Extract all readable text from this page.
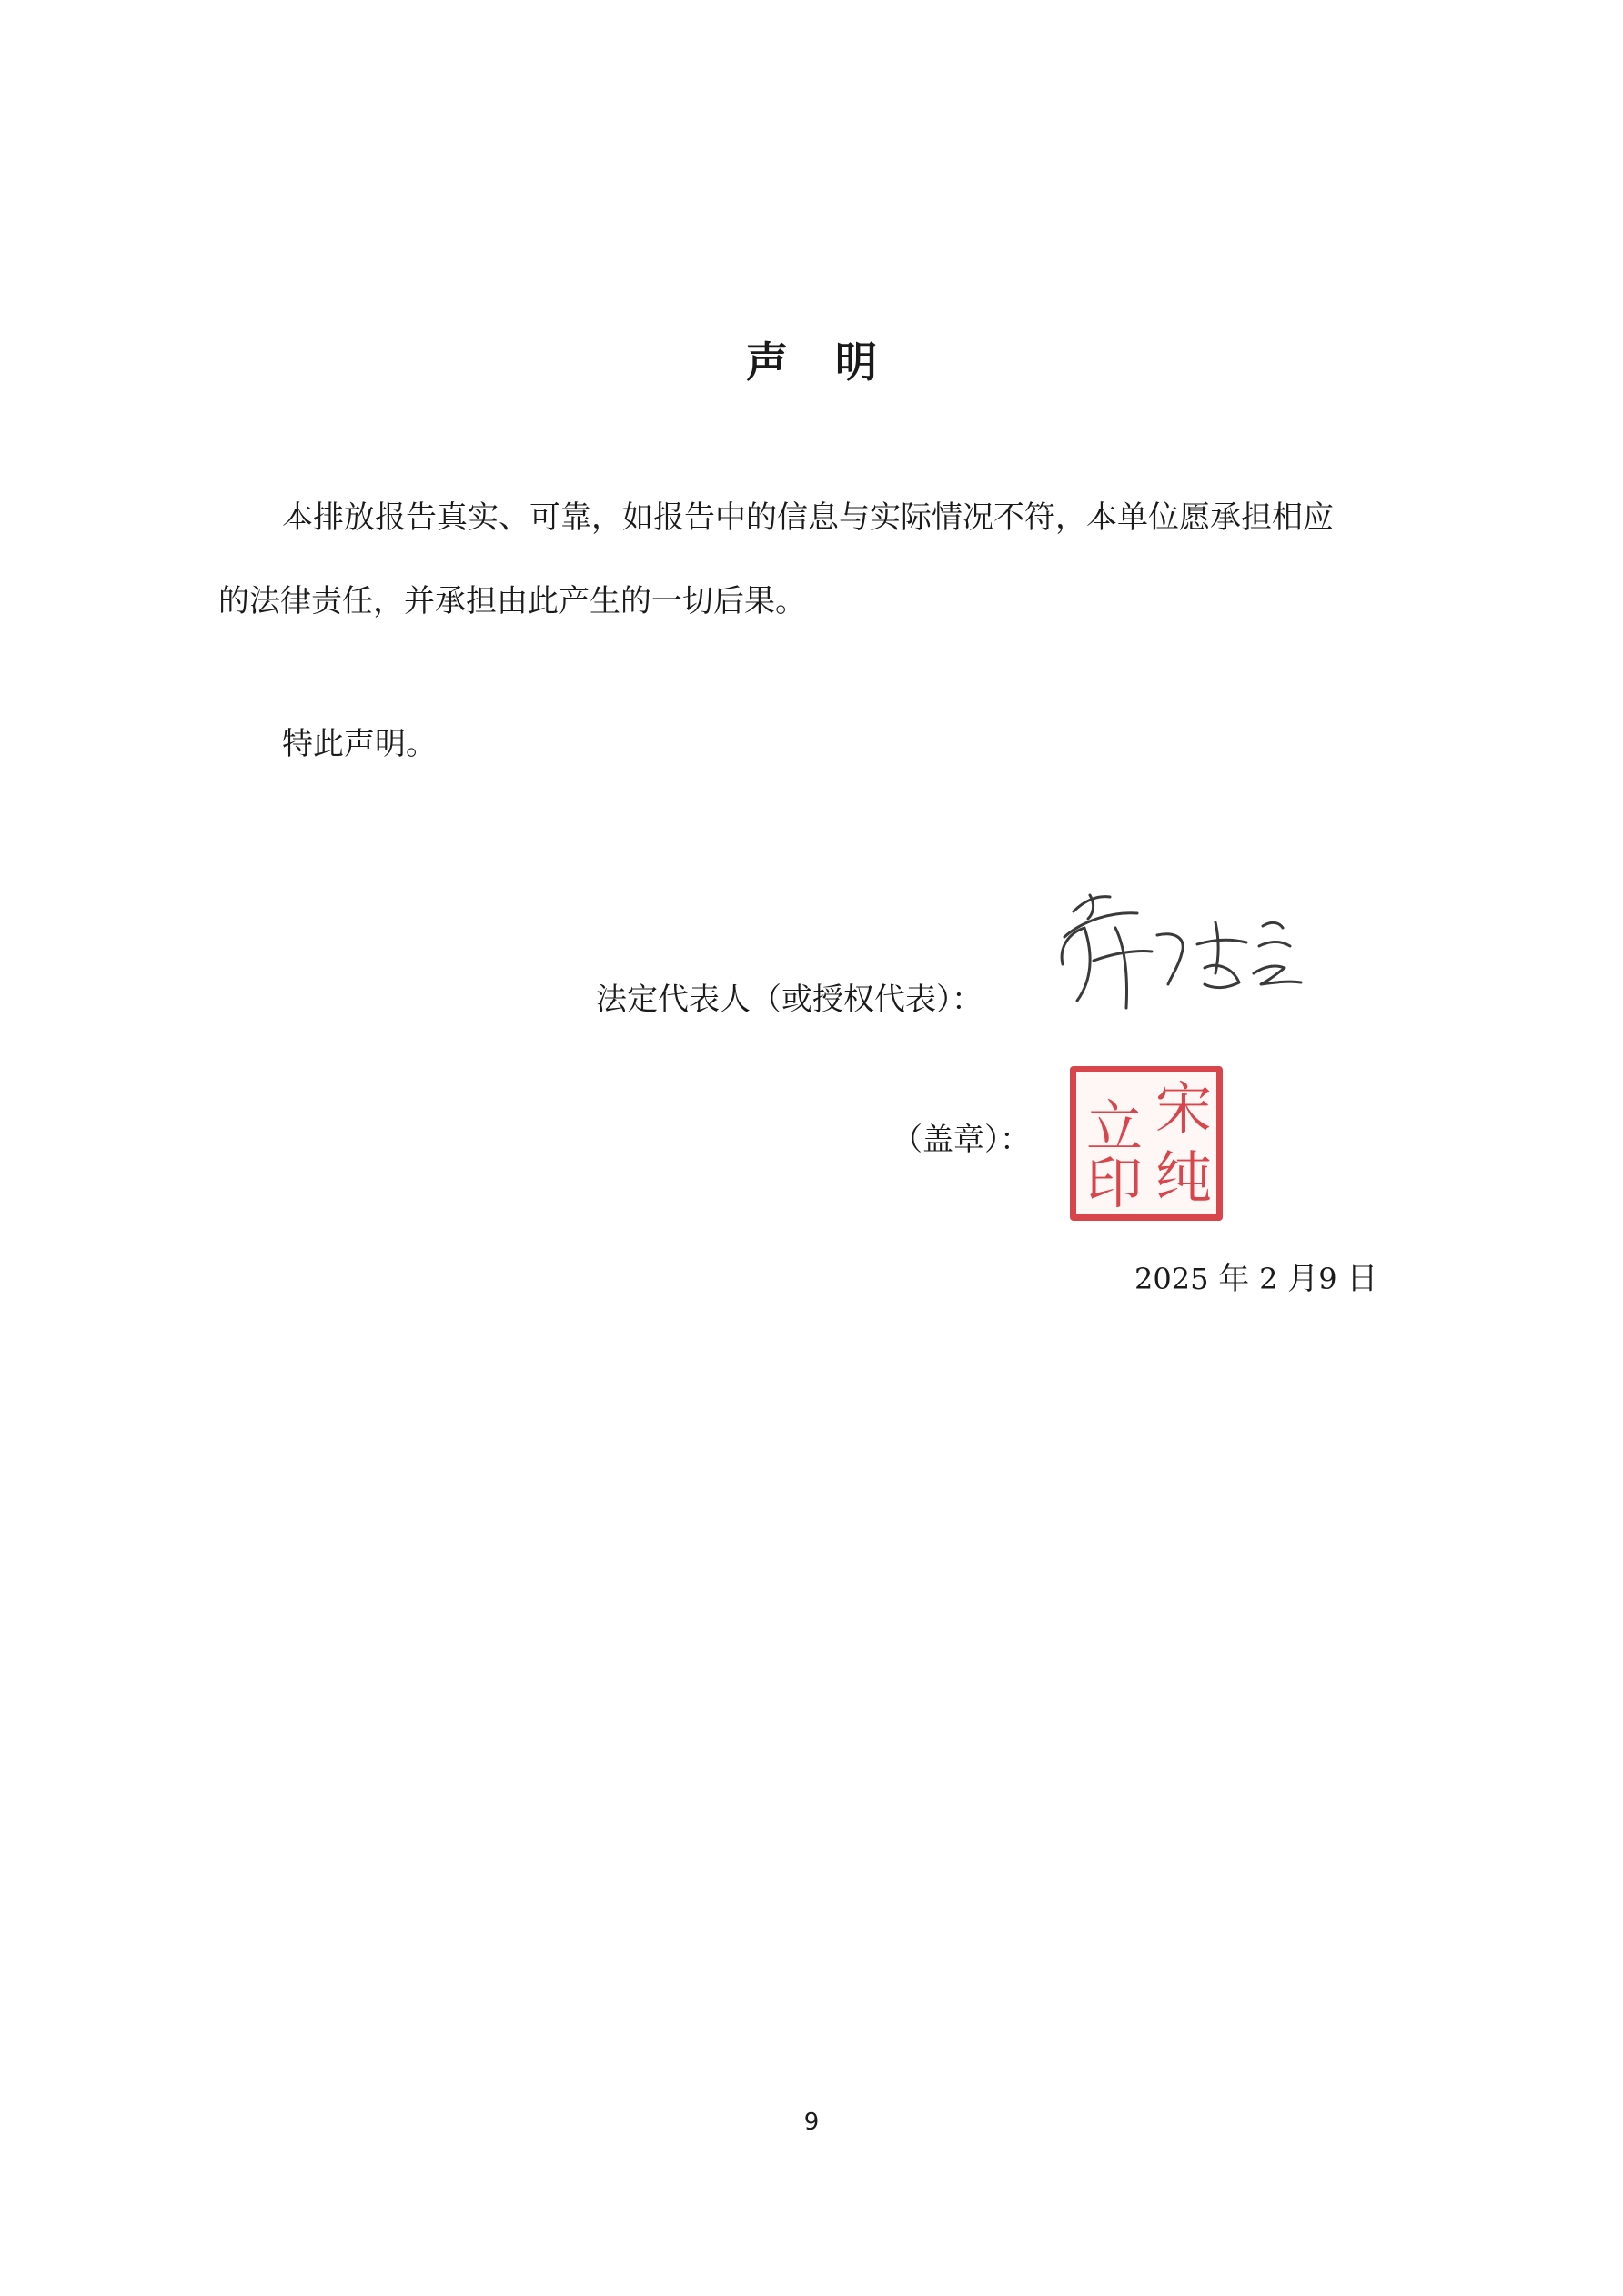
声 明
本排放报告真实、可靠，如报告中的信息与实际情况不符，本单位愿承担相应
的法律责任，并承担由此产生的一切后果。
特此声明。
法定代表人（或授权代表）：
（盖章）： 宋
纯
立
印
2025 年 2 月9 日
9
